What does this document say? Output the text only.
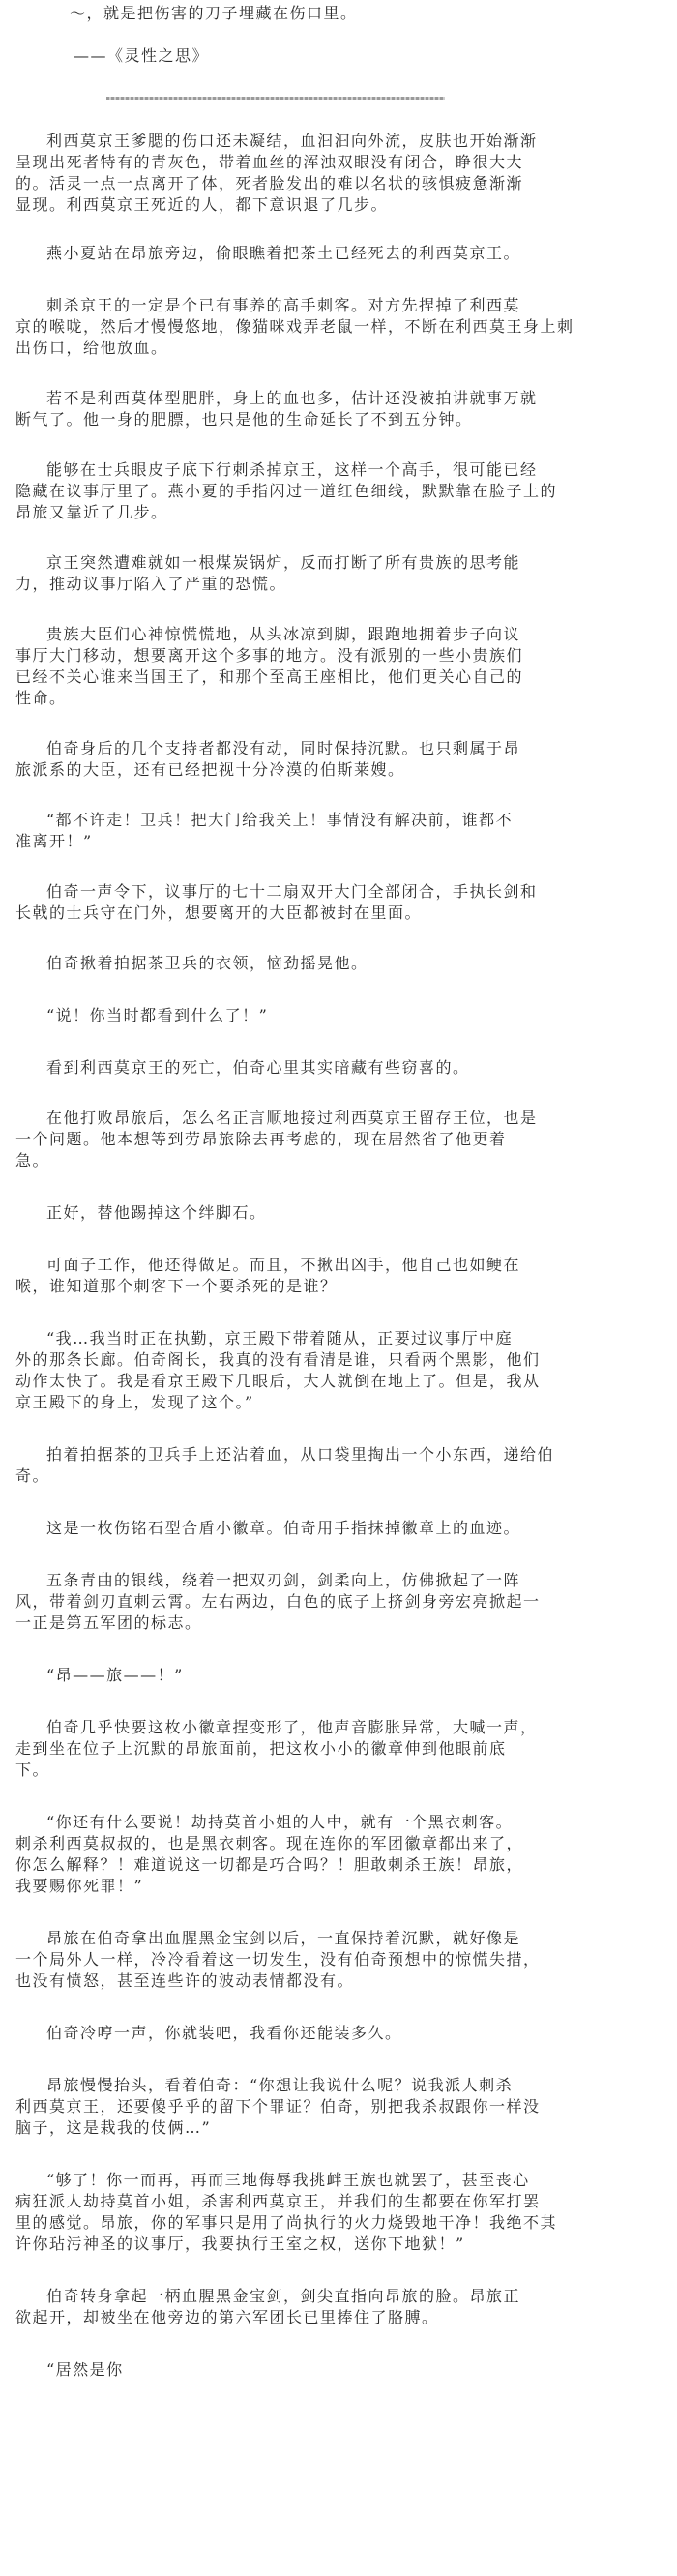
〜，就是把伤害的刀子埋藏在伤口里。
——《灵性之思》
利西莫京王爹腮的伤口还未凝结，血汩汩向外流，皮肤也开始渐渐
呈现出死者特有的青灰色，带着血丝的浑浊双眼没有闭合，睁很大大
的。活灵一点一点离开了体，死者脸发出的难以名状的骇惧疲惫渐渐
显现。利西莫京王死近的人，都下意识退了几步。
燕小夏站在昂旅旁边，偷眼瞧着把茶土已经死去的利西莫京王。
刺杀京王的一定是个已有事养的高手刺客。对方先捏掉了利西莫
京的喉咙，然后才慢慢悠地，像猫咪戏弄老鼠一样，不断在利西莫王身上刺
出伤口，给他放血。
若不是利西莫体型肥胖，身上的血也多，估计还没被拍讲就事万就
断气了。他一身的肥膘，也只是他的生命延长了不到五分钟。
能够在士兵眼皮子底下行刺杀掉京王，这样一个高手，很可能已经
隐藏在议事厅里了。燕小夏的手指闪过一道红色细线，默默靠在脸子上的
昂旅又靠近了几步。
京王突然遭难就如一根煤炭锅炉，反而打断了所有贵族的思考能
力，推动议事厅陷入了严重的恐慌。
贵族大臣们心神惊慌慌地，从头冰凉到脚，跟跑地拥着步子向议
事厅大门移动，想要离开这个多事的地方。没有派别的一些小贵族们
已经不关心谁来当国王了，和那个至高王座相比，他们更关心自己的
性命。
伯奇身后的几个支持者都没有动，同时保持沉默。也只剩属于昂
旅派系的大臣，还有已经把视十分冷漠的伯斯莱嫂。
“都不许走！卫兵！把大门给我关上！事情没有解决前，谁都不
准离开！”
伯奇一声令下，议事厅的七十二扇双开大门全部闭合，手执长剑和
长戟的士兵守在门外，想要离开的大臣都被封在里面。
伯奇揪着拍据茶卫兵的衣领，恼劲摇晃他。
“说！你当时都看到什么了！”
看到利西莫京王的死亡，伯奇心里其实暗藏有些窃喜的。
在他打败昂旅后，怎么名正言顺地接过利西莫京王留存王位，也是
一个问题。他本想等到劳昂旅除去再考虑的，现在居然省了他更着
急。
正好，替他踢掉这个绊脚石。
可面子工作，他还得做足。而且，不揪出凶手，他自己也如鲠在
喉，谁知道那个刺客下一个要杀死的是谁？
“我…我当时正在执勤，京王殿下带着随从，正要过议事厅中庭
外的那条长廊。伯奇阁长，我真的没有看清是谁，只看两个黑影，他们
动作太快了。我是看京王殿下几眼后，大人就倒在地上了。但是，我从
京王殿下的身上，发现了这个。”
拍着拍据茶的卫兵手上还沾着血，从口袋里掏出一个小东西，递给伯
奇。
这是一枚伤铭石型合盾小徽章。伯奇用手指抹掉徽章上的血迹。
五条青曲的银线，绕着一把双刃剑，剑柔向上，仿佛掀起了一阵
风，带着剑刃直刺云霄。左右两边，白色的底子上挤剑身旁宏亮掀起一
一正是第五军团的标志。
“昂——旅——！”
伯奇几乎快要这枚小徽章捏变形了，他声音膨胀异常，大喊一声，
走到坐在位子上沉默的昂旅面前，把这枚小小的徽章伸到他眼前底
下。
“你还有什么要说！劫持莫首小姐的人中，就有一个黑衣刺客。
刺杀利西莫叔叔的，也是黑衣刺客。现在连你的军团徽章都出来了，
你怎么解释？！难道说这一切都是巧合吗？！胆敢刺杀王族！昂旅，
我要赐你死罪！”
昂旅在伯奇拿出血腥黑金宝剑以后，一直保持着沉默，就好像是
一个局外人一样，冷冷看着这一切发生，没有伯奇预想中的惊慌失措，
也没有愤怒，甚至连些许的波动表情都没有。
伯奇冷哼一声，你就装吧，我看你还能装多久。
昂旅慢慢抬头，看着伯奇：“你想让我说什么呢？说我派人刺杀
利西莫京王，还要傻乎乎的留下个罪证？伯奇，别把我杀叔跟你一样没
脑子，这是栽我的伎俩…”
“够了！你一而再，再而三地侮辱我挑衅王族也就罢了，甚至丧心
病狂派人劫持莫首小姐，杀害利西莫京王，并我们的生都要在你军打罢
里的感觉。昂旅，你的军事只是用了尚执行的火力烧毁地干净！我绝不其
许你玷污神圣的议事厅，我要执行王室之权，送你下地狱！”
伯奇转身拿起一柄血腥黑金宝剑，剑尖直指向昂旅的脸。昂旅正
欲起开，却被坐在他旁边的第六军团长已里捧住了胳膊。
“居然是你
